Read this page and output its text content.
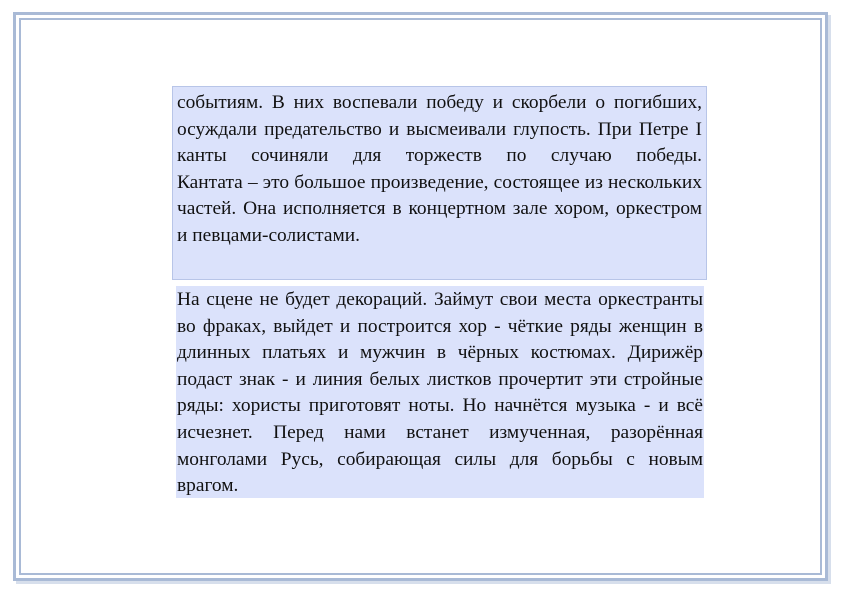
событиям. В них воспевали победу и скорбели о погибших, осуждали предательство и высмеивали глупость. При Петре I канты сочиняли для торжеств по случаю победы.

Кантата – это большое произведение, состоящее из нескольких частей. Она исполняется в концертном зале хором, оркестром и певцами-солистами.

На сцене не будет декораций. Займут свои места оркестранты во фраках, выйдет и построится хор - чёткие ряды женщин в длинных платьях и мужчин в чёрных костюмах. Дирижёр подаст знак - и линия белых листков прочертит эти стройные ряды: хористы приготовят ноты. Но начнётся музыка - и всё исчезнет. Перед нами встанет измученная, разорённая монголами Русь, собирающая силы для борьбы с новым врагом.
